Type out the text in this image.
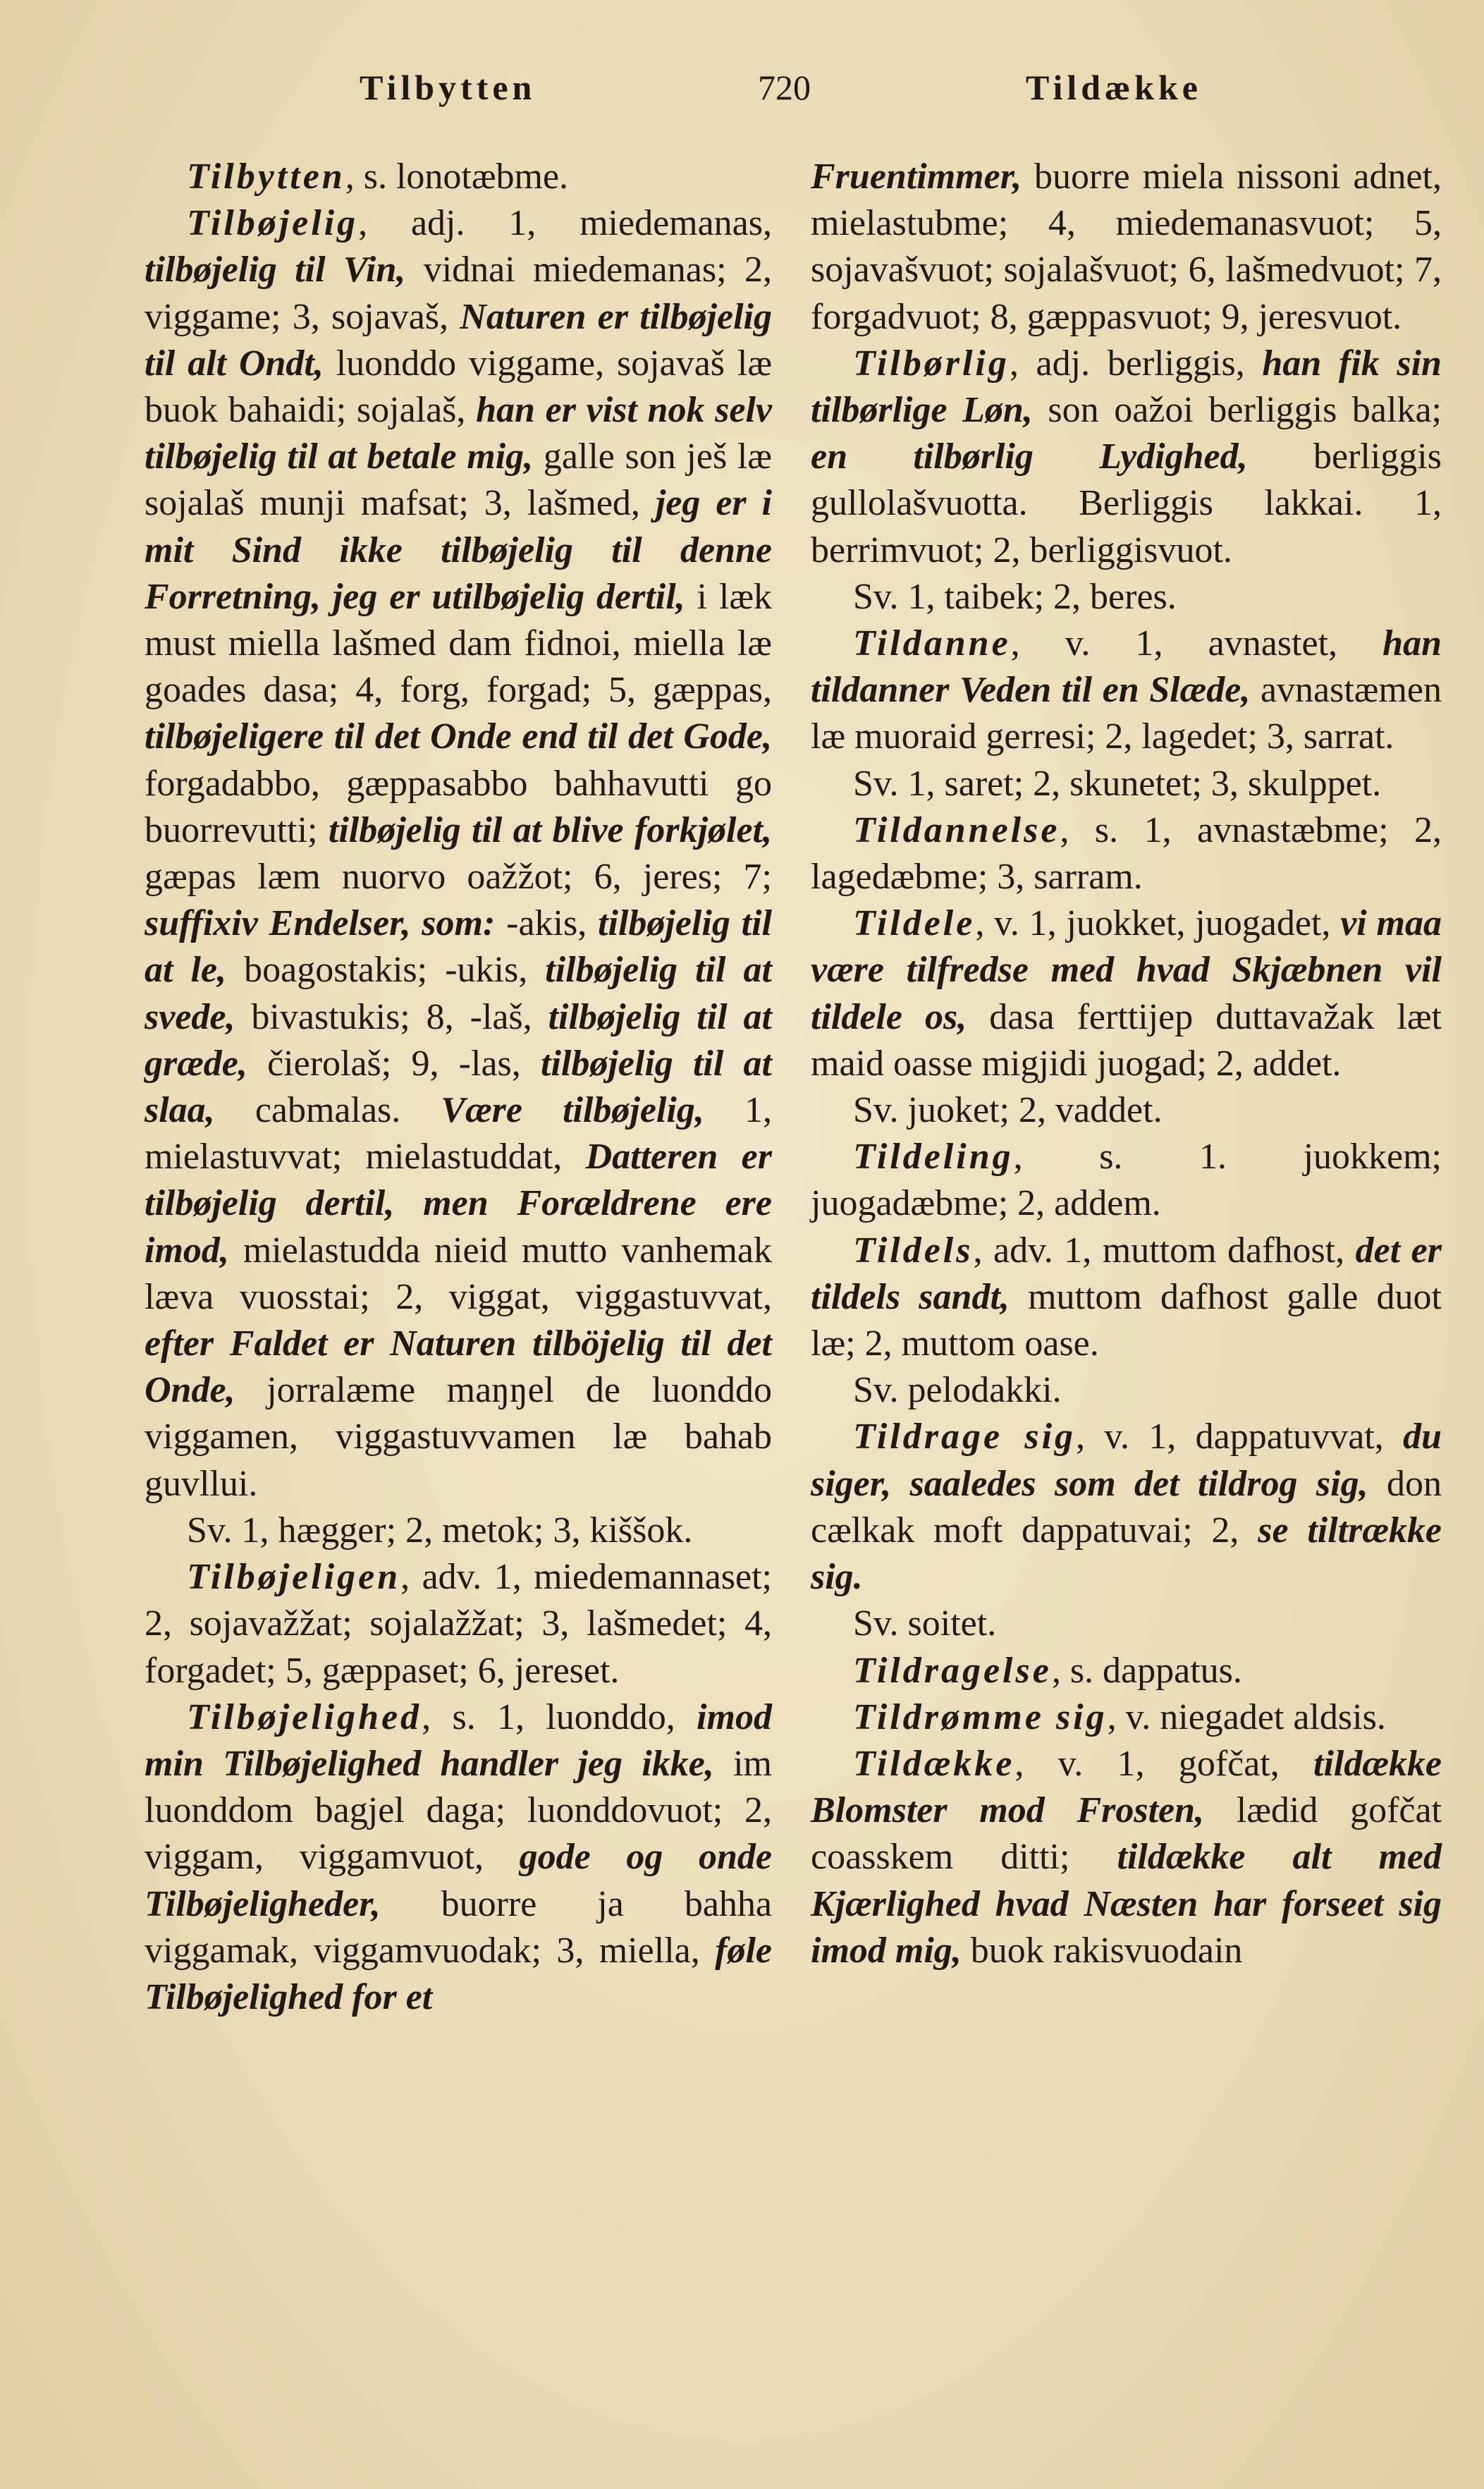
Tilbytten	720	Tildække

Tilbytten, s. lonotæbme.

Tilbøjelig, adj. 1, miedemanas, tilbøjelig til Vin, vidnai miedemanas; 2, viggame; 3, sojavaš, Naturen er tilbøjelig til alt Ondt, luonddo viggame, sojavaš læ buok bahaidi; sojalaš, han er vist nok selv tilbøjelig til at betale mig, galle son ješ læ sojalaš munji mafsat; 3, lašmed, jeg er i mit Sind ikke tilbøjelig til denne Forretning, jeg er utilbøjelig dertil, i læk must miella lašmed dam fidnoi, miella læ goades dasa; 4, forg, forgad; 5, gæppas, tilbøjeligere til det Onde end til det Gode, forgadabbo, gæppasabbo bahhavutti go buorrevutti; tilbøjelig til at blive forkjølet, gæpas læm nuorvo oažžot; 6, jeres; 7; suffixiv Endelser, som: -akis, tilbøjelig til at le, boagostakis; -ukis, tilbøjelig til at svede, bivastukis; 8, -laš, tilbøjelig til at græde, čierolaš; 9, -las, tilbøjelig til at slaa, cabmalas. Være tilbøjelig, 1, mielastuvvat; mielastuddat, Datteren er tilbøjelig dertil, men Forældrene ere imod, mielastudda nieid mutto vanhemak læva vuosstai; 2, viggat, viggastuvvat, efter Faldet er Naturen tilböjelig til det Onde, jorralæme maŋŋel de luonddo viggamen, viggastuvvamen læ bahab guvllui.

Sv. 1, hægger; 2, metok; 3, kiššok.

Tilbøjeligen, adv. 1, miedemannaset; 2, sojavažžat; sojalažžat; 3, lašmedet; 4, forgadet; 5, gæppaset; 6, jereset.

Tilbøjelighed, s. 1, luonddo, imod min Tilbøjelighed handler jeg ikke, im luonddom bagjel daga; luonddovuot; 2, viggam, viggamvuot, gode og onde Tilbøjeligheder, buorre ja bahha viggamak, viggamvuodak; 3, miella, føle Tilbøjelighed for et

Fruentimmer, buorre miela nissoni adnet, mielastubme; 4, miedemanasvuot; 5, sojavašvuot; sojalašvuot; 6, lašmedvuot; 7, forgadvuot; 8, gæppasvuot; 9, jeresvuot.

Tilbørlig, adj. berliggis, han fik sin tilbørlige Løn, son oažoi berliggis balka; en tilbørlig Lydighed, berliggis gullolašvuotta. Berliggis lakkai. 1, berrimvuot; 2, berliggisvuot.

Sv. 1, taibek; 2, beres.

Tildanne, v. 1, avnastet, han tildanner Veden til en Slæde, avnastæmen læ muoraid gerresi; 2, lagedet; 3, sarrat.

Sv. 1, saret; 2, skunetet; 3, skulppet.

Tildannelse, s. 1, avnastæbme; 2, lagedæbme; 3, sarram.

Tildele, v. 1, juokket, juogadet, vi maa være tilfredse med hvad Skjæbnen vil tildele os, dasa ferttijep duttavažak læt maid oasse migjidi juogad; 2, addet.

Sv. juoket; 2, vaddet.

Tildeling, s. 1. juokkem; juogadæbme; 2, addem.

Tildels, adv. 1, muttom dafhost, det er tildels sandt, muttom dafhost galle duot læ; 2, muttom oase.

Sv. pelodakki.

Tildrage sig, v. 1, dappatuvvat, du siger, saaledes som det tildrog sig, don cælkak moft dappatuvai; 2, se tiltrække sig.

Sv. soitet.

Tildragelse, s. dappatus.

Tildrømme sig, v. niegadet aldsis.

Tildække, v. 1, gofčat, tildække Blomster mod Frosten, lædid gofčat coasskem ditti; tildække alt med Kjærlighed hvad Næsten har forseet sig imod mig, buok rakisvuodain
